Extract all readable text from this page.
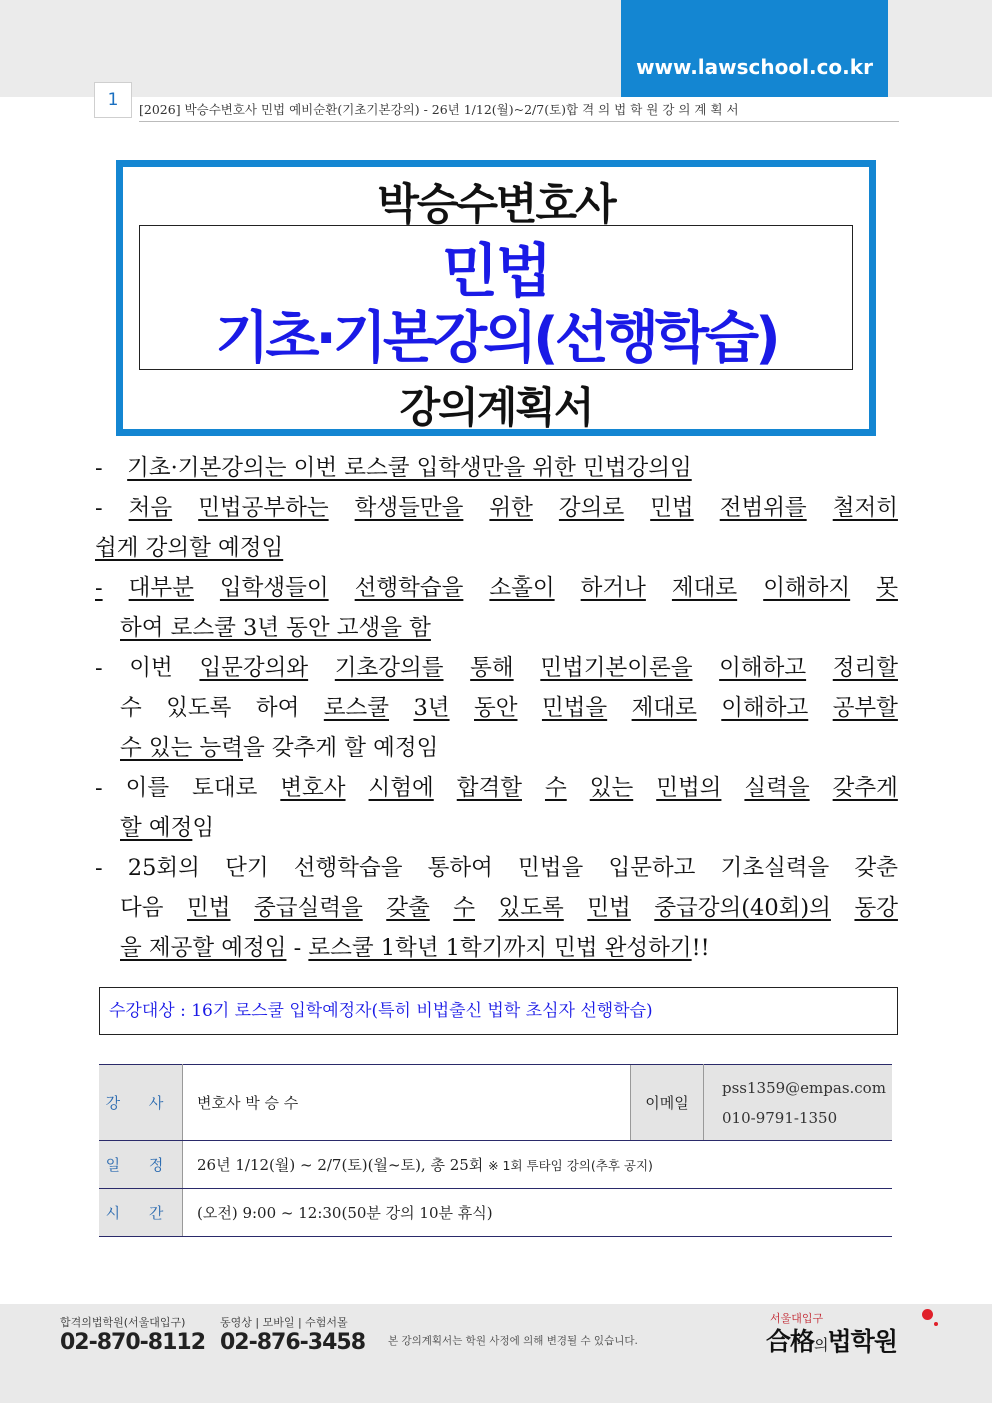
www.lawschool.co.kr
1	[2026] 박승수변호사 민법 예비순환(기초기본강의) - 26년 1/12(월)~2/7(토)합 격 의 법 학 원 강 의 계 획 서
박승수변호사
민법
기초·기본강의(선행학습)
강의계획서
- 기초·기본강의는 이번 로스쿨 입학생만을 위한 민법강의임
- 처음 민법공부하는 학생들만을 위한 강의로 민법 전범위를 철저히
쉽게 강의할 예정임
- 대부분 입학생들이 선행학습을 소홀이 하거나 제대로 이해하지 못
하여 로스쿨 3년 동안 고생을 함
- 이번 입문강의와 기초강의를 통해 민법기본이론을 이해하고 정리할
수 있도록 하여 로스쿨 3년 동안 민법을 제대로 이해하고 공부할
수 있는 능력을 갖추게 할 예정임
- 이를 토대로 변호사 시험에 합격할 수 있는 민법의 실력을 갖추게
할 예정임
- 25회의 단기 선행학습을 통하여 민법을 입문하고 기초실력을 갖춘
다음 민법 중급실력을 갖출 수 있도록 민법 중급강의(40회)의 동강
을 제공할 예정임 - 로스쿨 1학년 1학기까지 민법 완성하기!!
수강대상 : 16기 로스쿨 입학예정자(특히 비법출신 법학 초심자 선행학습)
강 사	변호사 박 승 수	이메일	pss1359@empas.com
010-9791-1350

일 정	26년 1/12(월) ~ 2/7(토)(월~토), 총 25회 ※ 1회 투타임 강의(추후 공지)		
시 간	(오전) 9:00 ~ 12:30(50분 강의 10분 휴식)		
합격의법학원(서울대입구)
02-870-8112
동영상 | 모바일 | 수험서몰
02-876-3458 본 강의계획서는 학원 사정에 의해 변경될 수 있습니다.
서울대입구
合格의법학원
